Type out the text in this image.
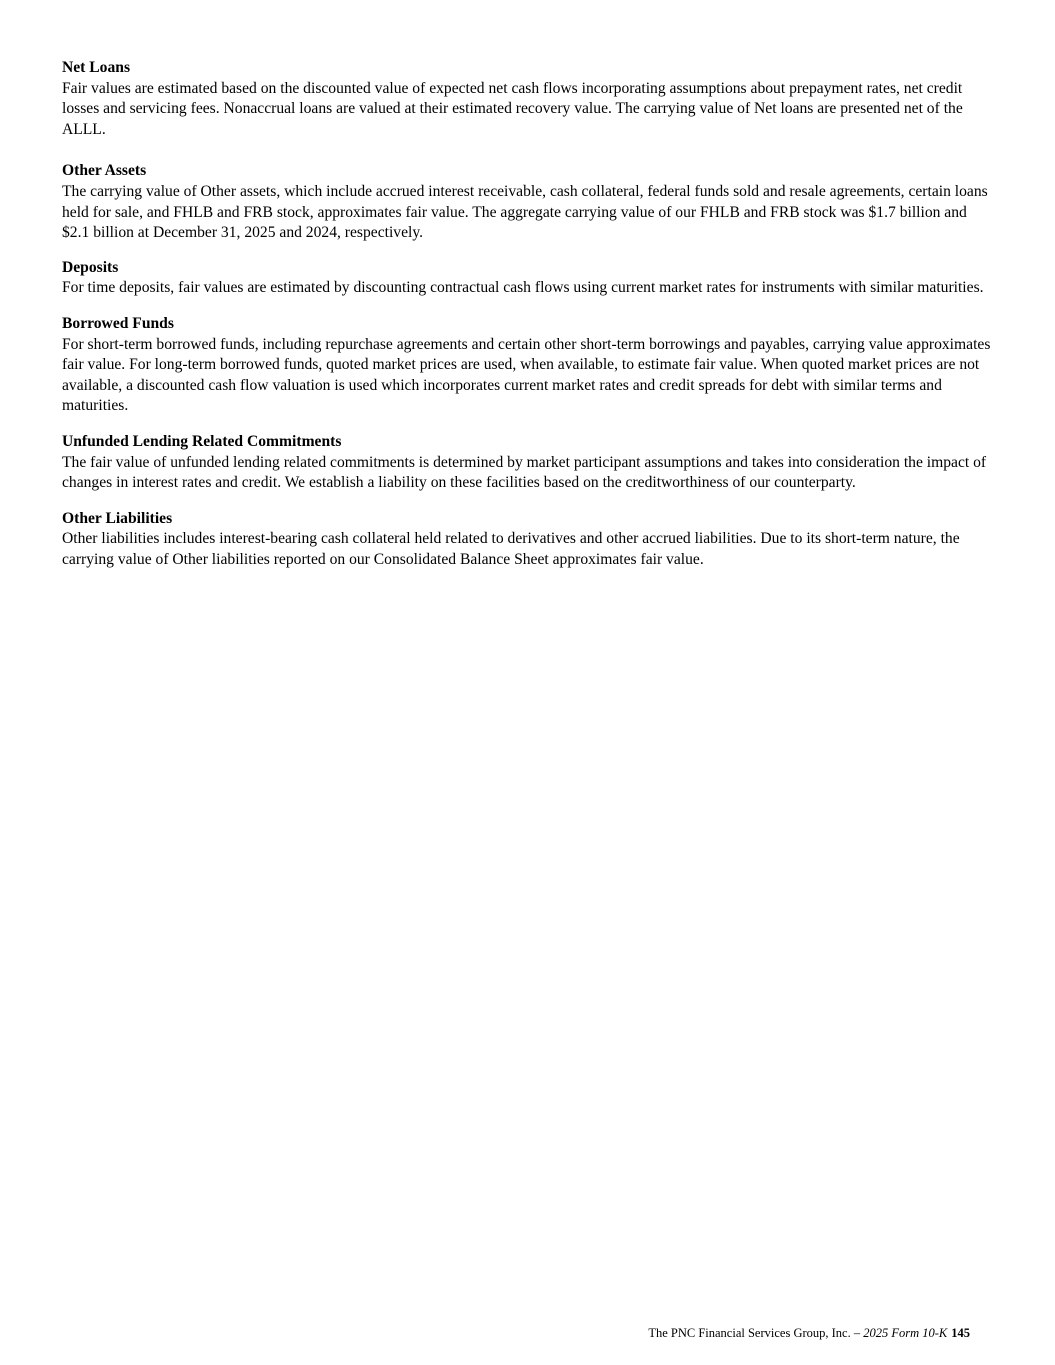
Net Loans

Fair values are estimated based on the discounted value of expected net cash flows incorporating assumptions about prepayment rates, net credit losses and servicing fees. Nonaccrual loans are valued at their estimated recovery value. The carrying value of Net loans are presented net of the ALLL.

Other Assets

The carrying value of Other assets, which include accrued interest receivable, cash collateral, federal funds sold and resale agreements, certain loans held for sale, and FHLB and FRB stock, approximates fair value. The aggregate carrying value of our FHLB and FRB stock was $1.7 billion and $2.1 billion at December 31, 2025 and 2024, respectively.

Deposits

For time deposits, fair values are estimated by discounting contractual cash flows using current market rates for instruments with similar maturities.

Borrowed Funds

For short-term borrowed funds, including repurchase agreements and certain other short-term borrowings and payables, carrying value approximates fair value. For long-term borrowed funds, quoted market prices are used, when available, to estimate fair value. When quoted market prices are not available, a discounted cash flow valuation is used which incorporates current market rates and credit spreads for debt with similar terms and maturities.

Unfunded Lending Related Commitments

The fair value of unfunded lending related commitments is determined by market participant assumptions and takes into consideration the impact of changes in interest rates and credit. We establish a liability on these facilities based on the creditworthiness of our counterparty.

Other Liabilities

Other liabilities includes interest-bearing cash collateral held related to derivatives and other accrued liabilities. Due to its short-term nature, the carrying value of Other liabilities reported on our Consolidated Balance Sheet approximates fair value.

The PNC Financial Services Group, Inc. – 2025 Form 10-K 145
